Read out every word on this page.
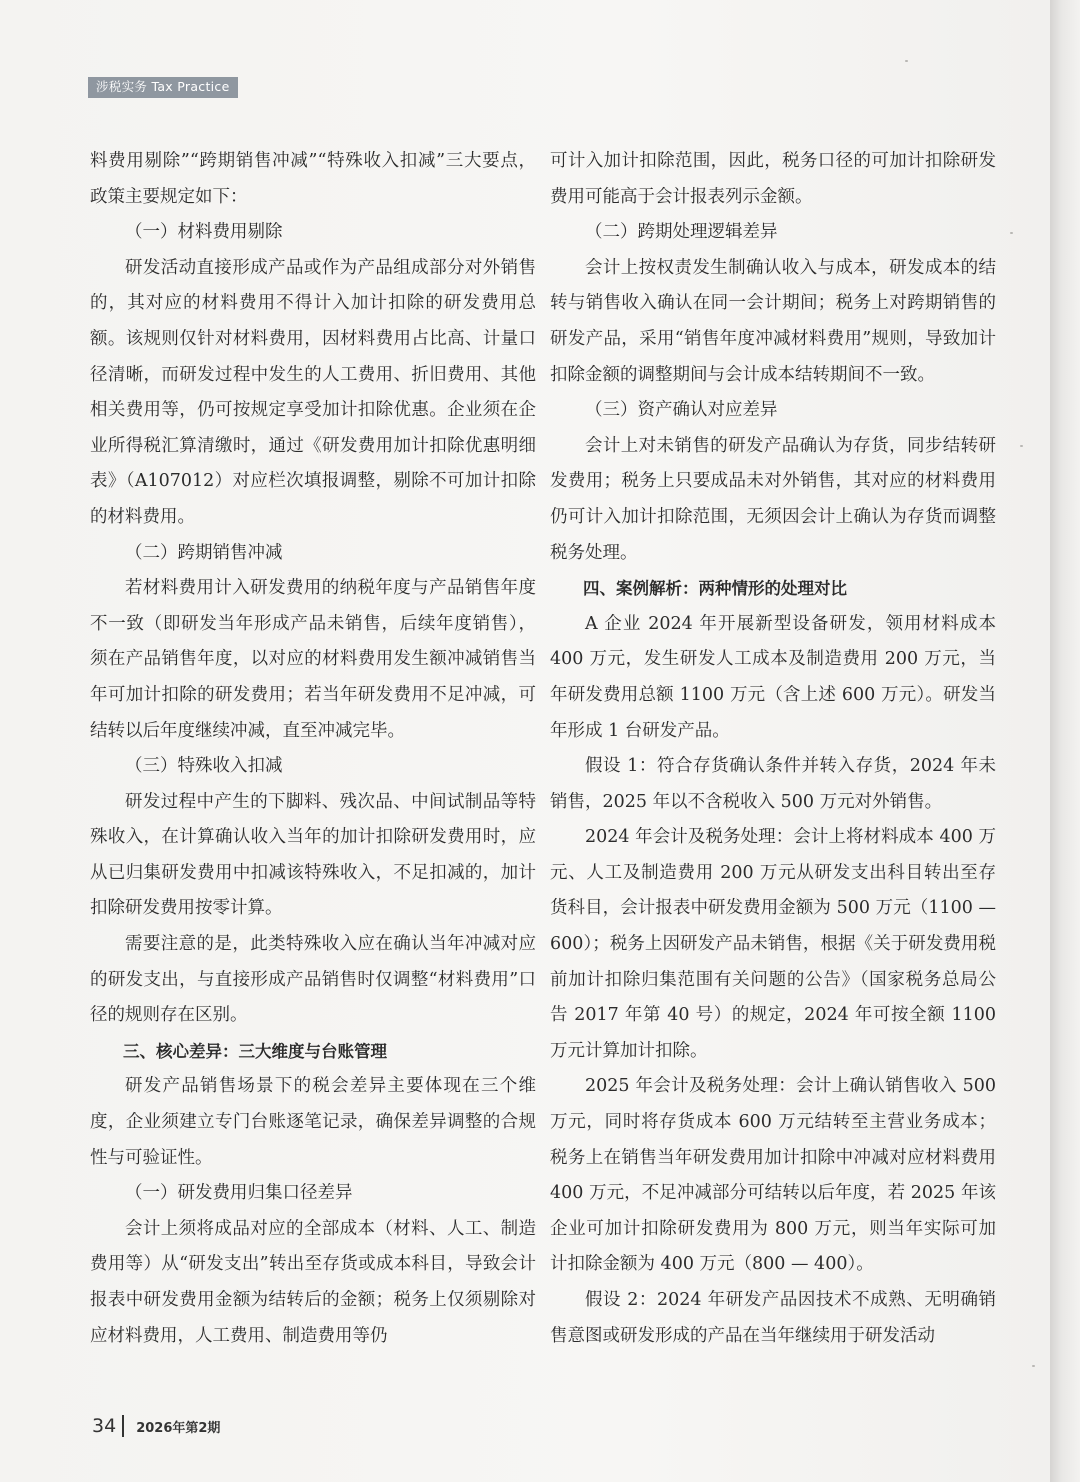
涉税实务 Tax Practice

料费用剔除”“跨期销售冲减”“特殊收入扣减”三大要点，政策主要规定如下：

（一）材料费用剔除

研发活动直接形成产品或作为产品组成部分对外销售的，其对应的材料费用不得计入加计扣除的研发费用总额。该规则仅针对材料费用，因材料费用占比高、计量口径清晰，而研发过程中发生的人工费用、折旧费用、其他相关费用等，仍可按规定享受加计扣除优惠。企业须在企业所得税汇算清缴时，通过《研发费用加计扣除优惠明细表》（A107012）对应栏次填报调整，剔除不可加计扣除的材料费用。

（二）跨期销售冲减

若材料费用计入研发费用的纳税年度与产品销售年度不一致（即研发当年形成产品未销售，后续年度销售），须在产品销售年度，以对应的材料费用发生额冲减销售当年可加计扣除的研发费用；若当年研发费用不足冲减，可结转以后年度继续冲减，直至冲减完毕。

（三）特殊收入扣减

研发过程中产生的下脚料、残次品、中间试制品等特殊收入，在计算确认收入当年的加计扣除研发费用时，应从已归集研发费用中扣减该特殊收入，不足扣减的，加计扣除研发费用按零计算。

需要注意的是，此类特殊收入应在确认当年冲减对应的研发支出，与直接形成产品销售时仅调整“材料费用”口径的规则存在区别。

三、核心差异：三大维度与台账管理

研发产品销售场景下的税会差异主要体现在三个维度，企业须建立专门台账逐笔记录，确保差异调整的合规性与可验证性。

（一）研发费用归集口径差异

会计上须将成品对应的全部成本（材料、人工、制造费用等）从“研发支出”转出至存货或成本科目，导致会计报表中研发费用金额为结转后的金额；税务上仅须剔除对应材料费用，人工费用、制造费用等仍

可计入加计扣除范围，因此，税务口径的可加计扣除研发费用可能高于会计报表列示金额。

（二）跨期处理逻辑差异

会计上按权责发生制确认收入与成本，研发成本的结转与销售收入确认在同一会计期间；税务上对跨期销售的研发产品，采用“销售年度冲减材料费用”规则，导致加计扣除金额的调整期间与会计成本结转期间不一致。

（三）资产确认对应差异

会计上对未销售的研发产品确认为存货，同步结转研发费用；税务上只要成品未对外销售，其对应的材料费用仍可计入加计扣除范围，无须因会计上确认为存货而调整税务处理。

四、案例解析：两种情形的处理对比

A 企业 2024 年开展新型设备研发，领用材料成本 400 万元，发生研发人工成本及制造费用 200 万元，当年研发费用总额 1100 万元（含上述 600 万元）。研发当年形成 1 台研发产品。

假设 1：符合存货确认条件并转入存货，2024 年未销售，2025 年以不含税收入 500 万元对外销售。

2024 年会计及税务处理：会计上将材料成本 400 万元、人工及制造费用 200 万元从研发支出科目转出至存货科目，会计报表中研发费用金额为 500 万元（1100 — 600）；税务上因研发产品未销售，根据《关于研发费用税前加计扣除归集范围有关问题的公告》（国家税务总局公告 2017 年第 40 号）的规定，2024 年可按全额 1100 万元计算加计扣除。

2025 年会计及税务处理：会计上确认销售收入 500 万元，同时将存货成本 600 万元结转至主营业务成本；税务上在销售当年研发费用加计扣除中冲减对应材料费用 400 万元，不足冲减部分可结转以后年度，若 2025 年该企业可加计扣除研发费用为 800 万元，则当年实际可加计扣除金额为 400 万元（800 — 400）。

假设 2：2024 年研发产品因技术不成熟、无明确销售意图或研发形成的产品在当年继续用于研发活动

34 2026年第2期
